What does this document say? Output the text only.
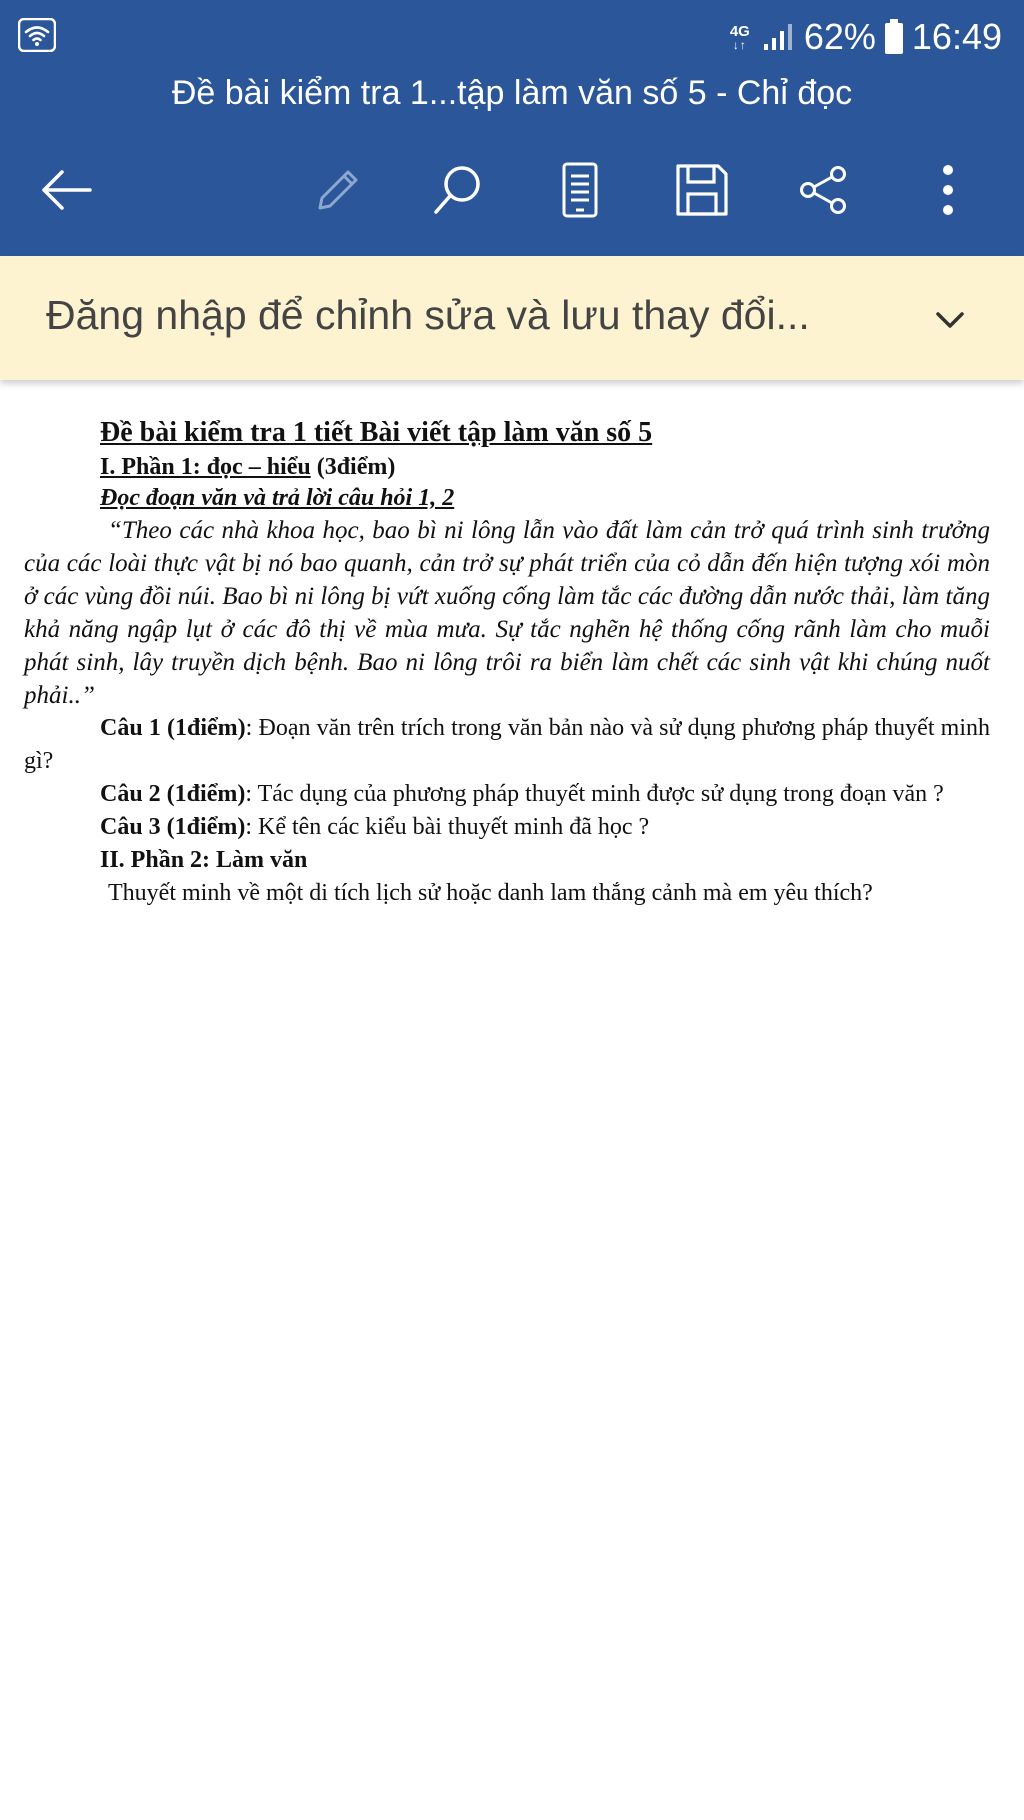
4G
↓↑ 62% 16:49
Đề bài kiểm tra 1...tập làm văn số 5 - Chỉ đọc
Đăng nhập để chỉnh sửa và lưu thay đổi...

Đề bài kiểm tra 1 tiết Bài viết tập làm văn số 5

I. Phần 1: đọc – hiểu (3điểm)

Đọc đoạn văn và trả lời câu hỏi 1, 2

“Theo các nhà khoa học, bao bì ni lông lẫn vào đất làm cản trở quá trình sinh trưởng của các loài thực vật bị nó bao quanh, cản trở sự phát triển của cỏ dẫn đến hiện tượng xói mòn ở các vùng đồi núi. Bao bì ni lông bị vứt xuống cống làm tắc các đường dẫn nước thải, làm tăng khả năng ngập lụt ở các đô thị về mùa mưa. Sự tắc nghẽn hệ thống cống rãnh làm cho muỗi phát sinh, lây truyền dịch bệnh. Bao ni lông trôi ra biển làm chết các sinh vật khi chúng nuốt phải..”

Câu 1 (1điểm): Đoạn văn trên trích trong văn bản nào và sử dụng phương pháp thuyết minh gì?

Câu 2 (1điểm): Tác dụng của phương pháp thuyết minh được sử dụng trong đoạn văn ?

Câu 3 (1điểm): Kể tên các kiểu bài thuyết minh đã học ?

II. Phần 2: Làm văn

Thuyết minh về một di tích lịch sử hoặc danh lam thắng cảnh mà em yêu thích?
